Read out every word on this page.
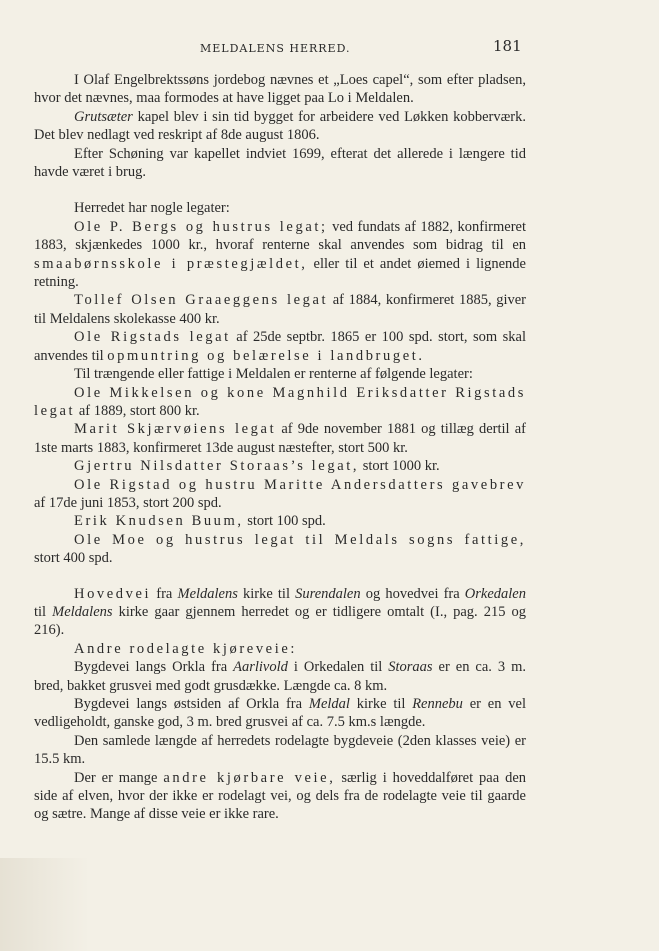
MELDALENS HERRED.	181

I Olaf Engelbrektssøns jordebog nævnes et „Loes capel“, som efter pladsen, hvor det nævnes, maa formodes at have ligget paa Lo i Meldalen.

Grutsæter kapel blev i sin tid bygget for arbeidere ved Løkken kobberværk. Det blev nedlagt ved reskript af 8de august 1806.

Efter Schøning var kapellet indviet 1699, efterat det allerede i længere tid havde været i brug.

Herredet har nogle legater:

Ole P. Bergs og hustrus legat; ved fundats af 1882, konfirmeret 1883, skjænkedes 1000 kr., hvoraf renterne skal anvendes som bidrag til en smaabørnsskole i præstegjældet, eller til et andet øiemed i lignende retning.

Tollef Olsen Graaeggens legat af 1884, konfirmeret 1885, giver til Meldalens skolekasse 400 kr.

Ole Rigstads legat af 25de septbr. 1865 er 100 spd. stort, som skal anvendes til opmuntring og belærelse i landbruget.

Til trængende eller fattige i Meldalen er renterne af følgende legater:

Ole Mikkelsen og kone Magnhild Eriksdatter Rigstads legat af 1889, stort 800 kr.

Marit Skjærvøiens legat af 9de november 1881 og tillæg dertil af 1ste marts 1883, konfirmeret 13de august næstefter, stort 500 kr.

Gjertru Nilsdatter Storaas’s legat, stort 1000 kr.

Ole Rigstad og hustru Maritte Andersdatters gavebrev af 17de juni 1853, stort 200 spd.

Erik Knudsen Buum, stort 100 spd.

Ole Moe og hustrus legat til Meldals sogns fattige, stort 400 spd.

Hovedvei fra Meldalens kirke til Surendalen og hovedvei fra Orkedalen til Meldalens kirke gaar gjennem herredet og er tidligere omtalt (I., pag. 215 og 216).

Andre rodelagte kjøreveie:

Bygdevei langs Orkla fra Aarlivold i Orkedalen til Storaas er en ca. 3 m. bred, bakket grusvei med godt grusdække. Længde ca. 8 km.

Bygdevei langs østsiden af Orkla fra Meldal kirke til Rennebu er en vel vedligeholdt, ganske god, 3 m. bred grusvei af ca. 7.5 km.s længde.

Den samlede længde af herredets rodelagte bygdeveie (2den klasses veie) er 15.5 km.

Der er mange andre kjørbare veie, særlig i hoveddalføret paa den side af elven, hvor der ikke er rodelagt vei, og dels fra de rodelagte veie til gaarde og sætre. Mange af disse veie er ikke rare.
